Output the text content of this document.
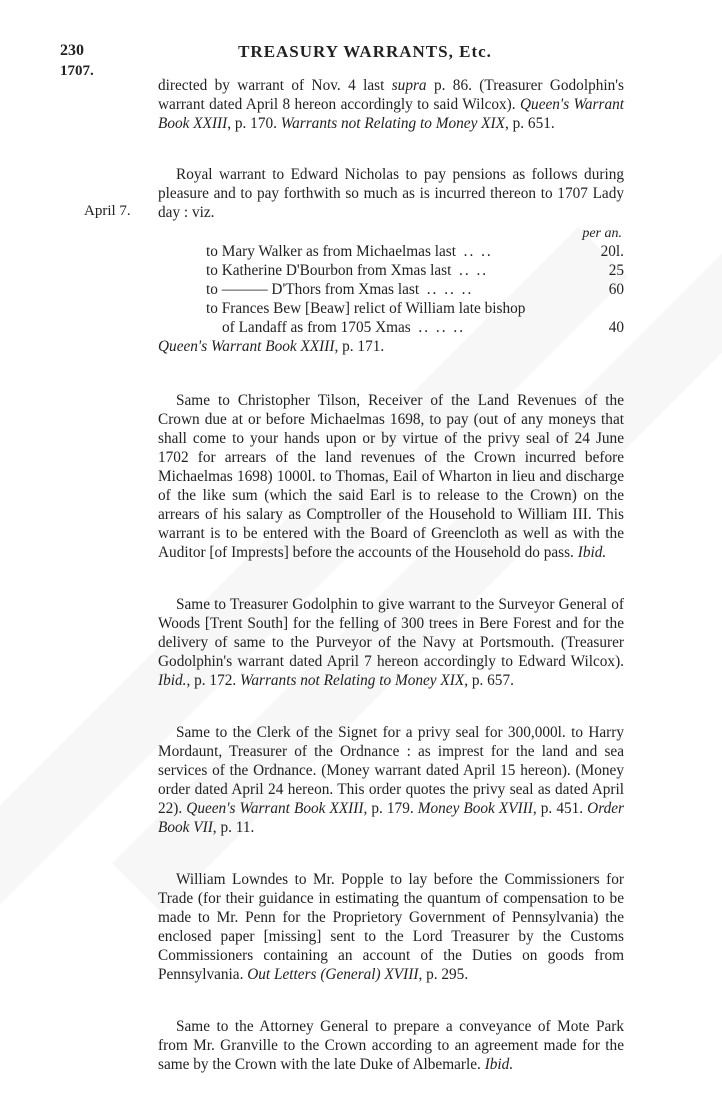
230	TREASURY WARRANTS, Etc.
1707.
April 7.

directed by warrant of Nov. 4 last supra p. 86. (Treasurer Godolphin's warrant dated April 8 hereon accordingly to said Wilcox). Queen's Warrant Book XXIII, p. 170. Warrants not Relating to Money XIX, p. 651.

Royal warrant to Edward Nicholas to pay pensions as follows during pleasure and to pay forthwith so much as is incurred thereon to 1707 Lady day : viz.

per an.
to Mary Walker as from Michaelmas last .. ..	20l.
to Katherine D'Bourbon from Xmas last .. ..	25
to ——— D'Thors from Xmas last .. .. ..	60
to Frances Bew [Beaw] relict of William late bishop
of Landaff as from 1705 Xmas .. .. ..	40

Queen's Warrant Book XXIII, p. 171.

Same to Christopher Tilson, Receiver of the Land Revenues of the Crown due at or before Michaelmas 1698, to pay (out of any moneys that shall come to your hands upon or by virtue of the privy seal of 24 June 1702 for arrears of the land revenues of the Crown incurred before Michaelmas 1698) 1000l. to Thomas, Eail of Wharton in lieu and discharge of the like sum (which the said Earl is to release to the Crown) on the arrears of his salary as Comptroller of the Household to William III. This warrant is to be entered with the Board of Greencloth as well as with the Auditor [of Imprests] before the accounts of the Household do pass. Ibid.

Same to Treasurer Godolphin to give warrant to the Surveyor General of Woods [Trent South] for the felling of 300 trees in Bere Forest and for the delivery of same to the Purveyor of the Navy at Portsmouth. (Treasurer Godolphin's warrant dated April 7 hereon accordingly to Edward Wilcox). Ibid., p. 172. Warrants not Relating to Money XIX, p. 657.

Same to the Clerk of the Signet for a privy seal for 300,000l. to Harry Mordaunt, Treasurer of the Ordnance : as imprest for the land and sea services of the Ordnance. (Money warrant dated April 15 hereon). (Money order dated April 24 hereon. This order quotes the privy seal as dated April 22). Queen's Warrant Book XXIII, p. 179. Money Book XVIII, p. 451. Order Book VII, p. 11.

William Lowndes to Mr. Popple to lay before the Commissioners for Trade (for their guidance in estimating the quantum of compensation to be made to Mr. Penn for the Proprietory Government of Pennsylvania) the enclosed paper [missing] sent to the Lord Treasurer by the Customs Commissioners containing an account of the Duties on goods from Pennsylvania. Out Letters (General) XVIII, p. 295.

Same to the Attorney General to prepare a conveyance of Mote Park from Mr. Granville to the Crown according to an agreement made for the same by the Crown with the late Duke of Albemarle. Ibid.
